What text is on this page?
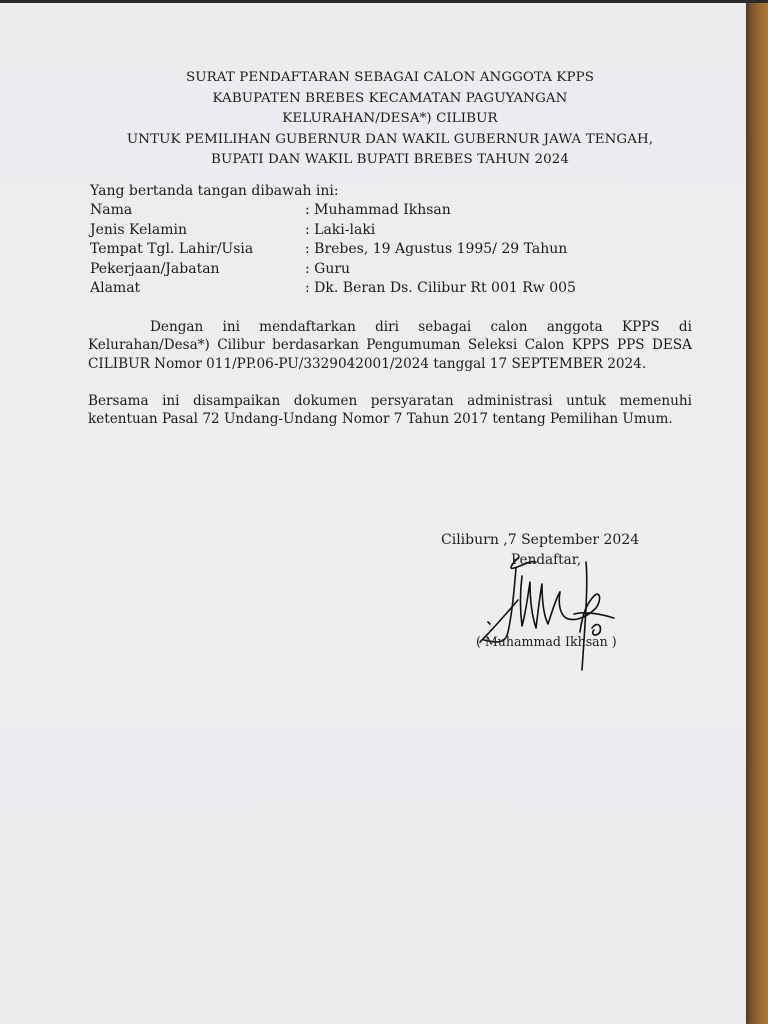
SURAT PENDAFTARAN SEBAGAI CALON ANGGOTA KPPS
KABUPATEN BREBES KECAMATAN PAGUYANGAN
KELURAHAN/DESA*) CILIBUR
UNTUK PEMILIHAN GUBERNUR DAN WAKIL GUBERNUR JAWA TENGAH,
BUPATI DAN WAKIL BUPATI BREBES TAHUN 2024
Yang bertanda tangan dibawah ini:
Nama	: Muhammad Ikhsan
Jenis Kelamin	: Laki-laki
Tempat Tgl. Lahir/Usia	: Brebes, 19 Agustus 1995/ 29 Tahun
Pekerjaan/Jabatan	: Guru
Alamat	: Dk. Beran Ds. Cilibur Rt 001 Rw 005
Dengan ini mendaftarkan diri sebagai calon anggota KPPS di Kelurahan/Desa*) Cilibur berdasarkan Pengumuman Seleksi Calon KPPS PPS DESA CILIBUR Nomor 011/PP.06-PU/3329042001/2024 tanggal 17 SEPTEMBER 2024.
Bersama ini disampaikan dokumen persyaratan administrasi untuk memenuhi ketentuan Pasal 72 Undang-Undang Nomor 7 Tahun 2017 tentang Pemilihan Umum.
Ciliburn ,7 September 2024
Pendaftar,
( Muhammad Ikhsan )
